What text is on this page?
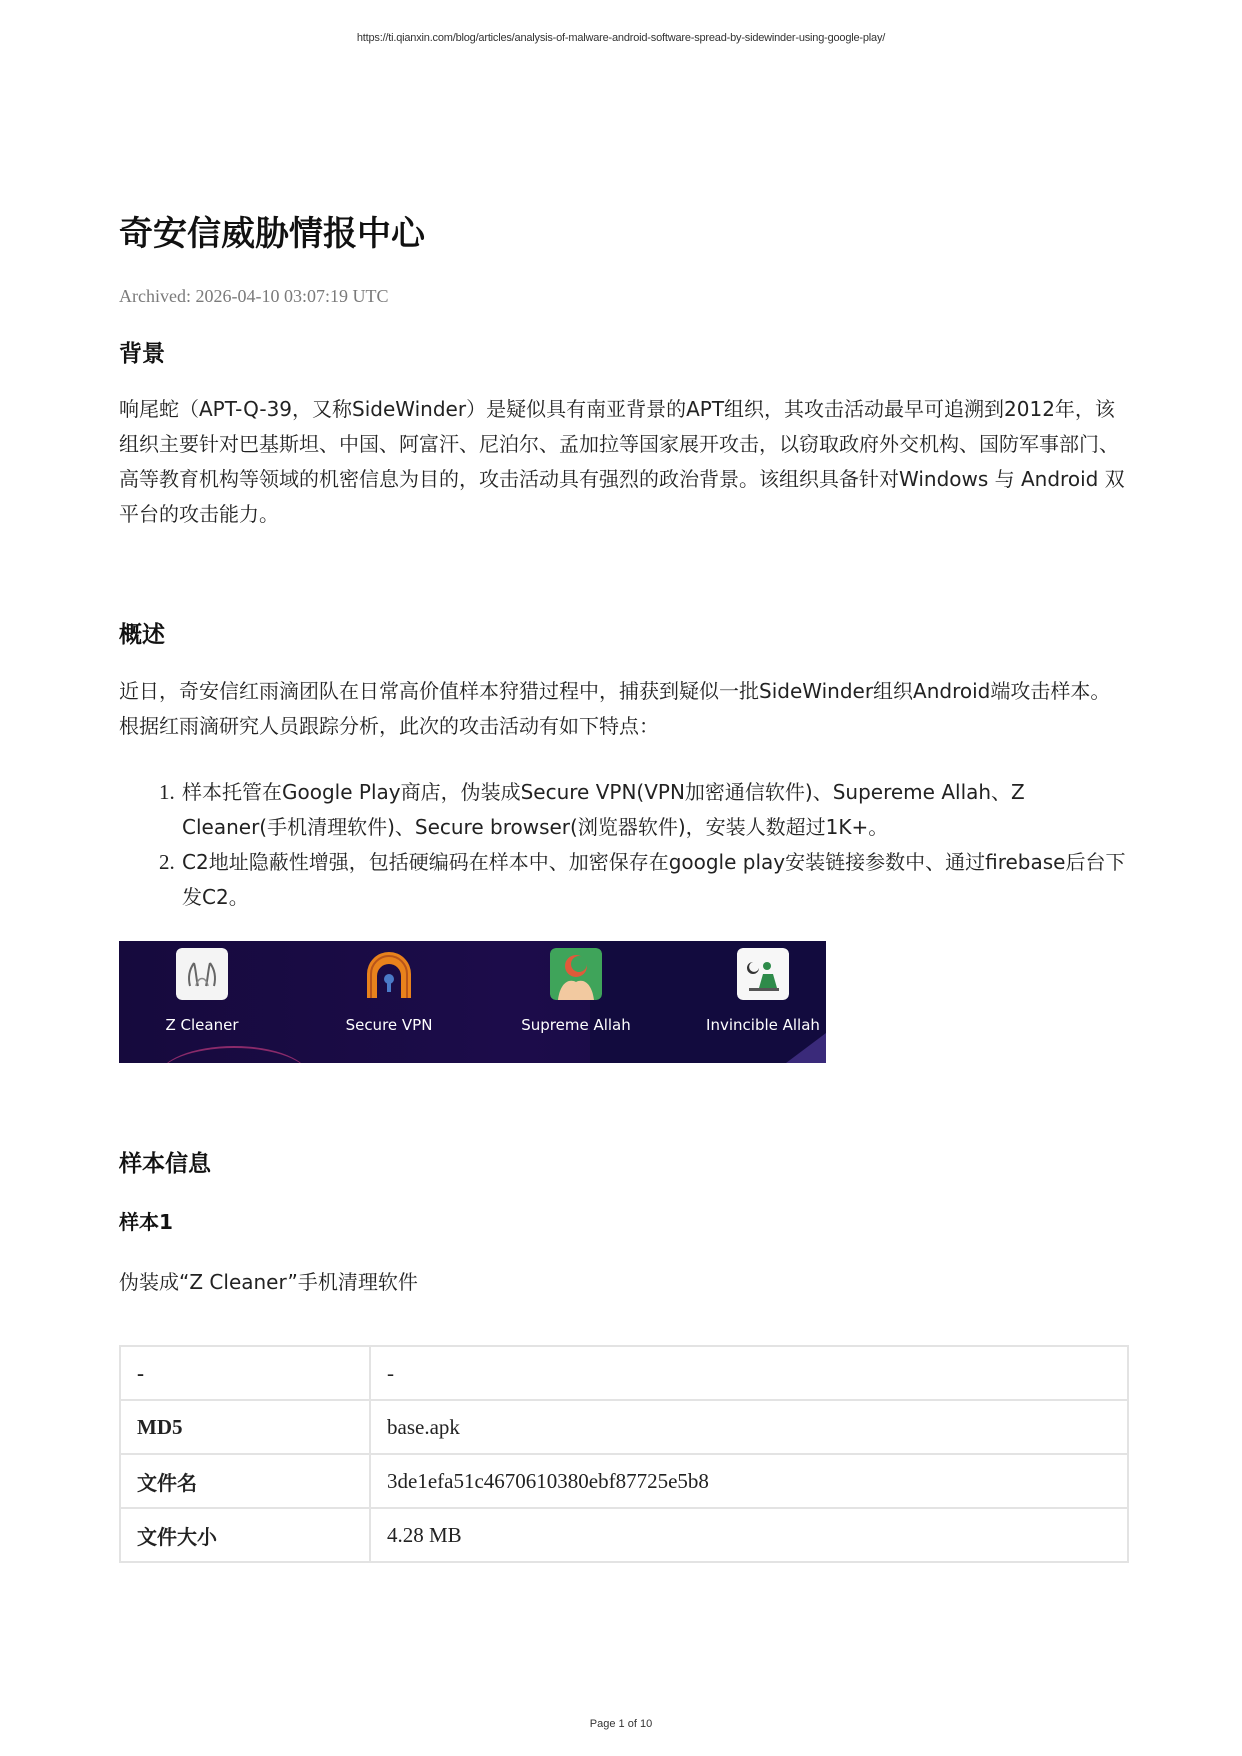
https://ti.qianxin.com/blog/articles/analysis-of-malware-android-software-spread-by-sidewinder-using-google-play/
奇安信威胁情报中心
Archived: 2026-04-10 03:07:19 UTC
背景

响尾蛇（APT-Q-39，又称SideWinder）是疑似具有南亚背景的APT组织，其攻击活动最早可追溯到2012年，该组织主要针对巴基斯坦、中国、阿富汗、尼泊尔、孟加拉等国家展开攻击，以窃取政府外交机构、国防军事部门、高等教育机构等领域的机密信息为目的，攻击活动具有强烈的政治背景。该组织具备针对Windows 与 Android 双平台的攻击能力。

概述

近日，奇安信红雨滴团队在日常高价值样本狩猎过程中，捕获到疑似一批SideWinder组织Android端攻击样本。根据红雨滴研究人员跟踪分析，此次的攻击活动有如下特点：

1. 样本托管在Google Play商店，伪装成Secure VPN(VPN加密通信软件)、Supereme Allah、Z Cleaner(手机清理软件)、Secure browser(浏览器软件)，安装人数超过1K+。
2. C2地址隐蔽性增强，包括硬编码在样本中、加密保存在google play安装链接参数中、通过firebase后台下发C2。
Z Cleaner	Secure VPN	Supreme Allah	Invincible Allah
样本信息
样本1

伪装成“Z Cleaner”手机清理软件

-	-
MD5	base.apk
文件名	3de1efa51c4670610380ebf87725e5b8
文件大小	4.28 MB
Page 1 of 10
